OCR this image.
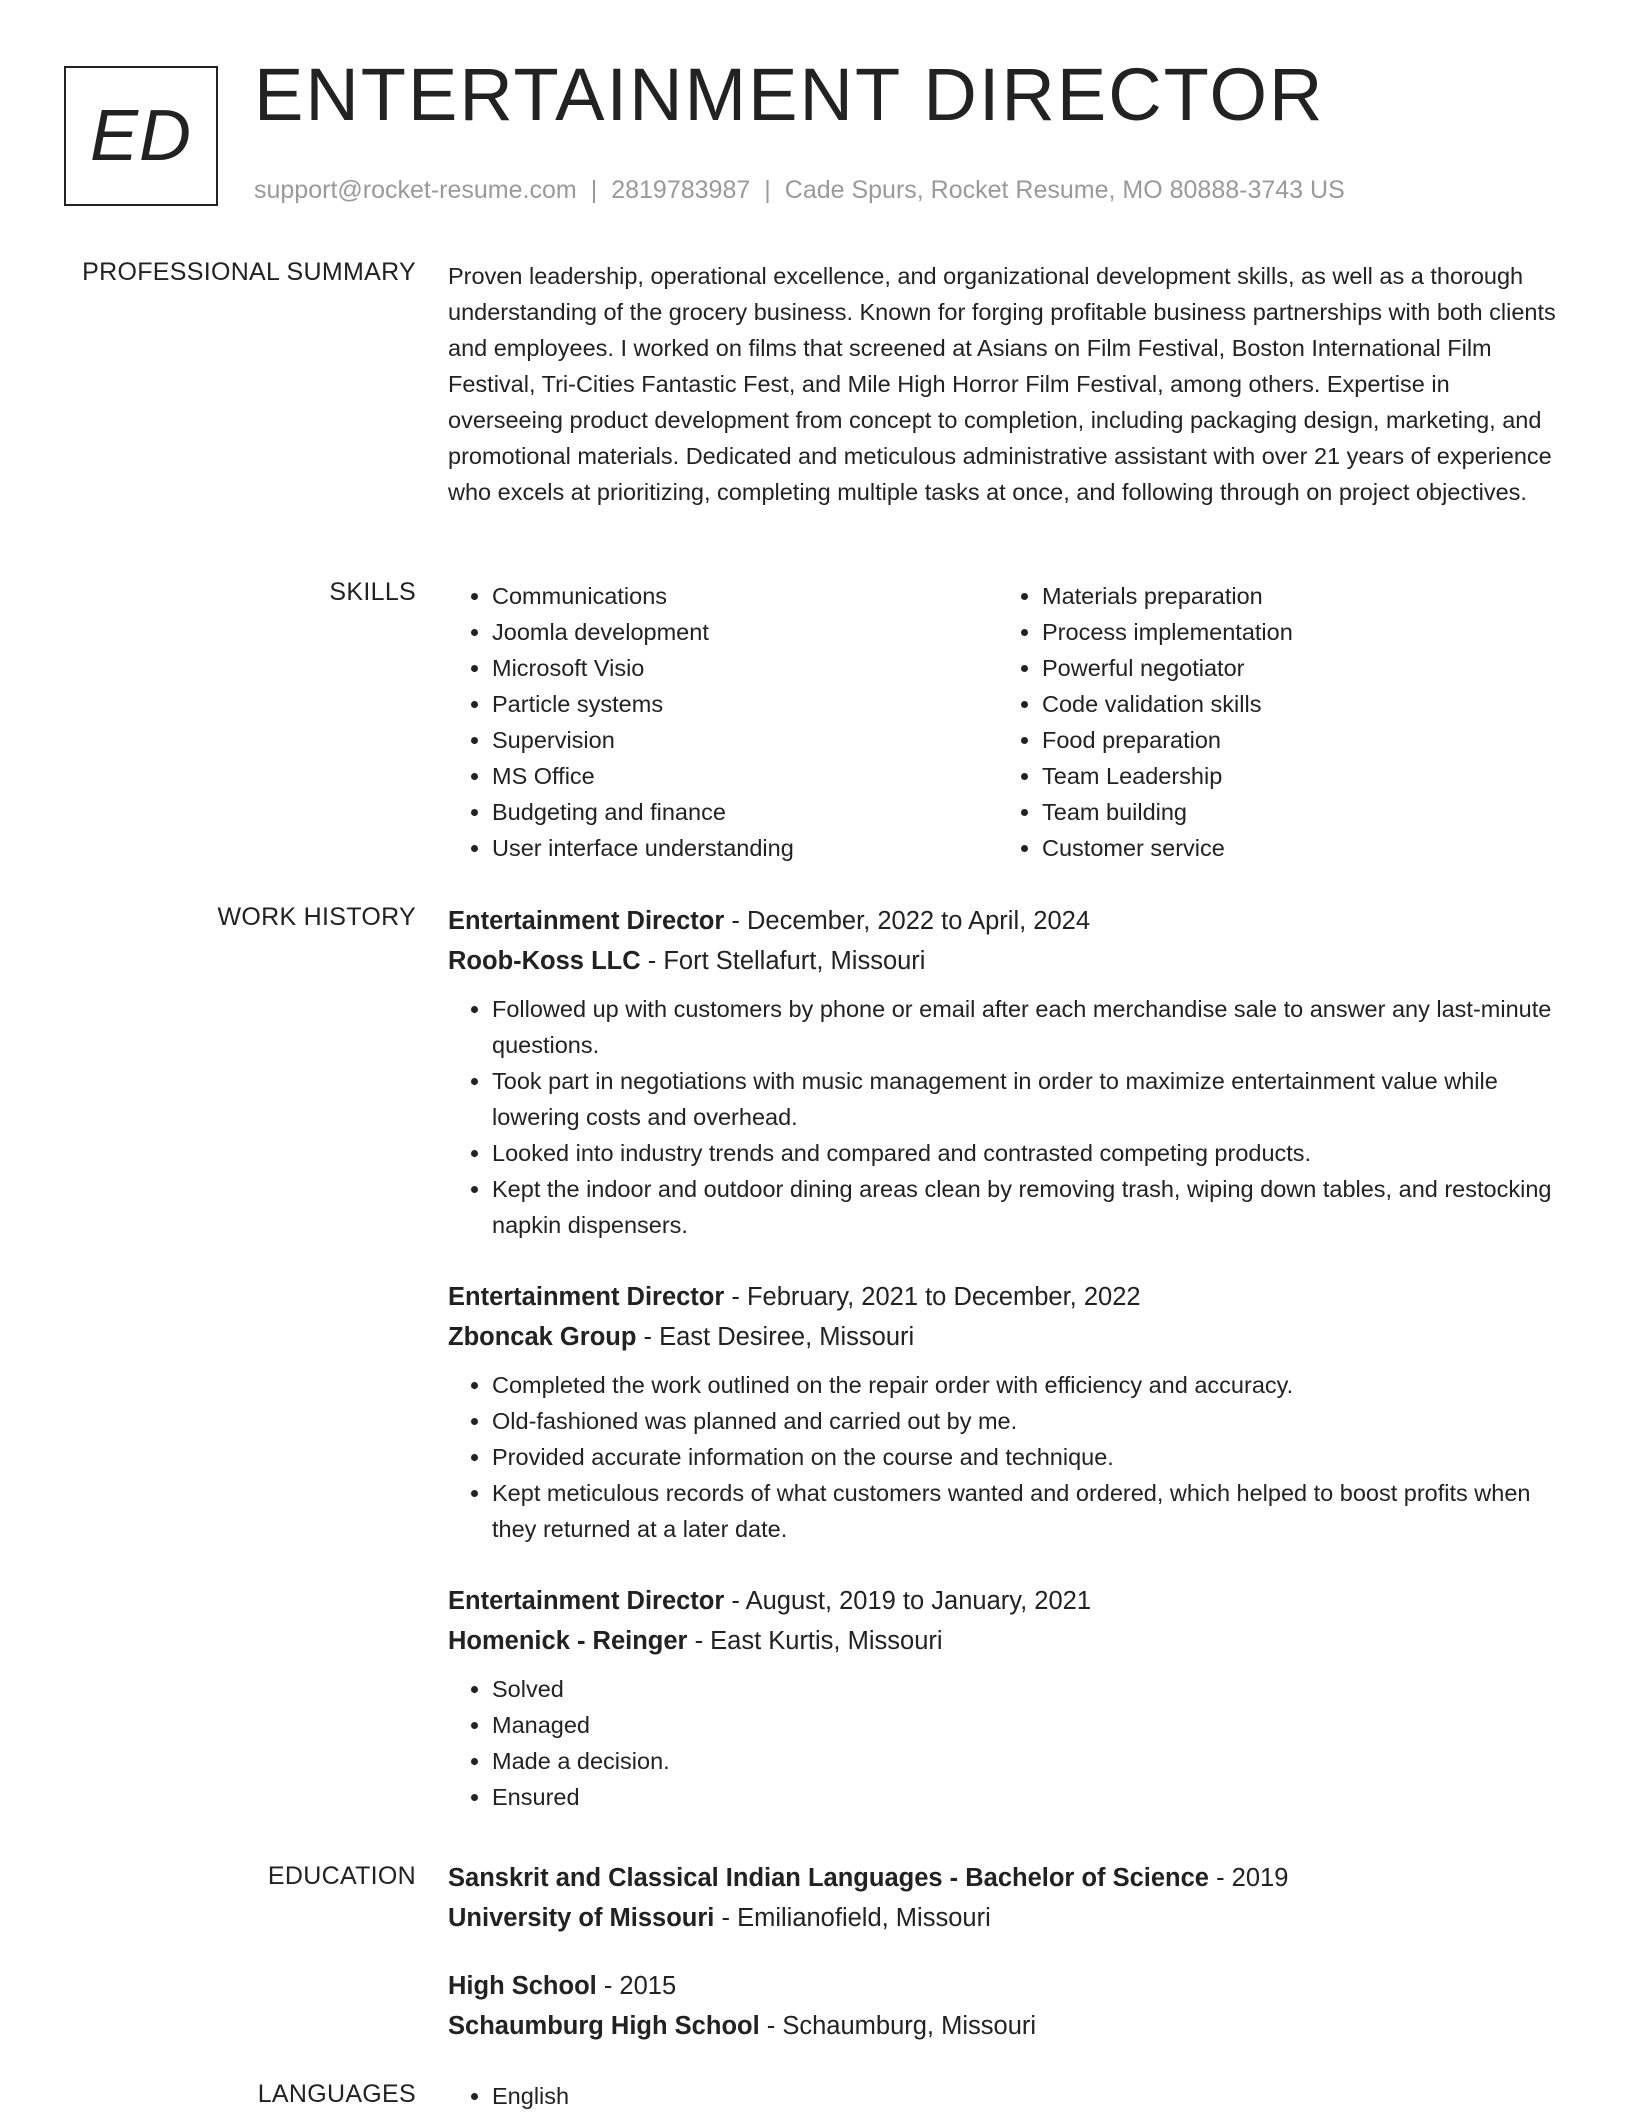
ED ENTERTAINMENT DIRECTOR
support@rocket-resume.com | 2819783987 | Cade Spurs, Rocket Resume, MO 80888-3743 US
PROFESSIONAL SUMMARY Proven leadership, operational excellence, and organizational development skills, as well as a thorough understanding of the grocery business. Known for forging profitable business partnerships with both clients and employees. I worked on films that screened at Asians on Film Festival, Boston International Film Festival, Tri-Cities Fantastic Fest, and Mile High Horror Film Festival, among others. Expertise in overseeing product development from concept to completion, including packaging design, marketing, and promotional materials. Dedicated and meticulous administrative assistant with over 21 years of experience who excels at prioritizing, completing multiple tasks at once, and following through on project objectives.

SKILLS	• Communications
• Joomla development
• Microsoft Visio
• Particle systems
• Supervision
• MS Office
• Budgeting and finance
• User interface understanding
• Materials preparation
• Process implementation
• Powerful negotiator
• Code validation skills
• Food preparation
• Team Leadership
• Team building
• Customer service
WORK HISTORY Entertainment Director - December, 2022 to April, 2024
Roob-Koss LLC - Fort Stellafurt, Missouri
• Followed up with customers by phone or email after each merchandise sale to answer any last-minute questions.
• Took part in negotiations with music management in order to maximize entertainment value while lowering costs and overhead.
• Looked into industry trends and compared and contrasted competing products.
• Kept the indoor and outdoor dining areas clean by removing trash, wiping down tables, and restocking napkin dispensers.
Entertainment Director - February, 2021 to December, 2022
Zboncak Group - East Desiree, Missouri
• Completed the work outlined on the repair order with efficiency and accuracy.
• Old-fashioned was planned and carried out by me.
• Provided accurate information on the course and technique.
• Kept meticulous records of what customers wanted and ordered, which helped to boost profits when they returned at a later date.
Entertainment Director - August, 2019 to January, 2021
Homenick - Reinger - East Kurtis, Missouri
• Solved
• Managed
• Made a decision.
• Ensured
EDUCATION Sanskrit and Classical Indian Languages - Bachelor of Science - 2019
University of Missouri - Emilianofield, Missouri
High School - 2015
Schaumburg High School - Schaumburg, Missouri
LANGUAGES	• English
